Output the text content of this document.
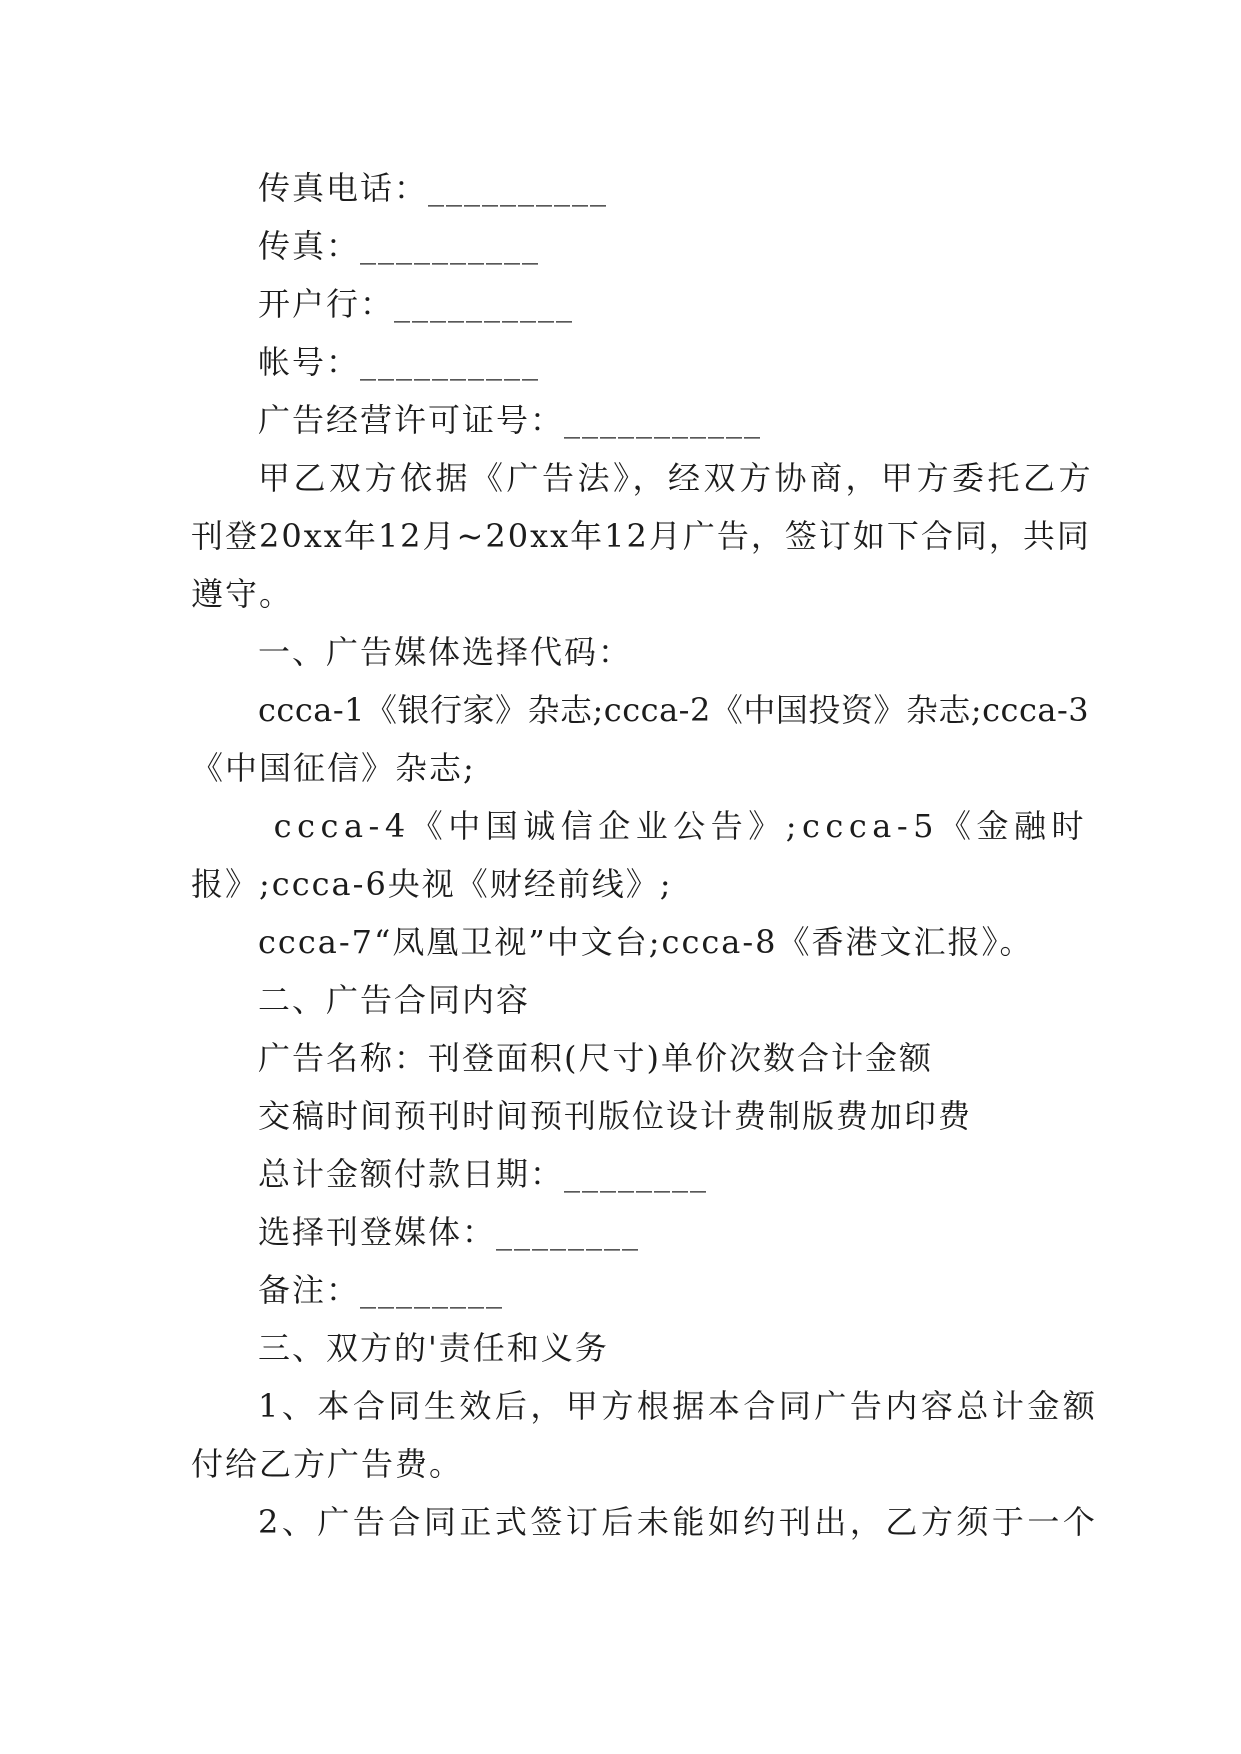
传真电话：__________
传真：__________
开户行：__________
帐号：__________
广告经营许可证号：___________
甲乙双方依据《广告法》，经双方协商，甲方委托乙方
刊登20xx年12月~20xx年12月广告，签订如下合同，共同
遵守。
一、广告媒体选择代码：
ccca-1《银行家》杂志;ccca-2《中国投资》杂志;ccca-3
《中国征信》杂志;
ccca-4《中国诚信企业公告》;ccca-5《金融时
报》;ccca-6央视《财经前线》;
ccca-7“凤凰卫视”中文台;ccca-8《香港文汇报》。
二、广告合同内容
广告名称：刊登面积(尺寸)单价次数合计金额
交稿时间预刊时间预刊版位设计费制版费加印费
总计金额付款日期：________
选择刊登媒体：________
备注：________
三、双方的'责任和义务
1、本合同生效后，甲方根据本合同广告内容总计金额
付给乙方广告费。
2、广告合同正式签订后未能如约刊出，乙方须于一个
